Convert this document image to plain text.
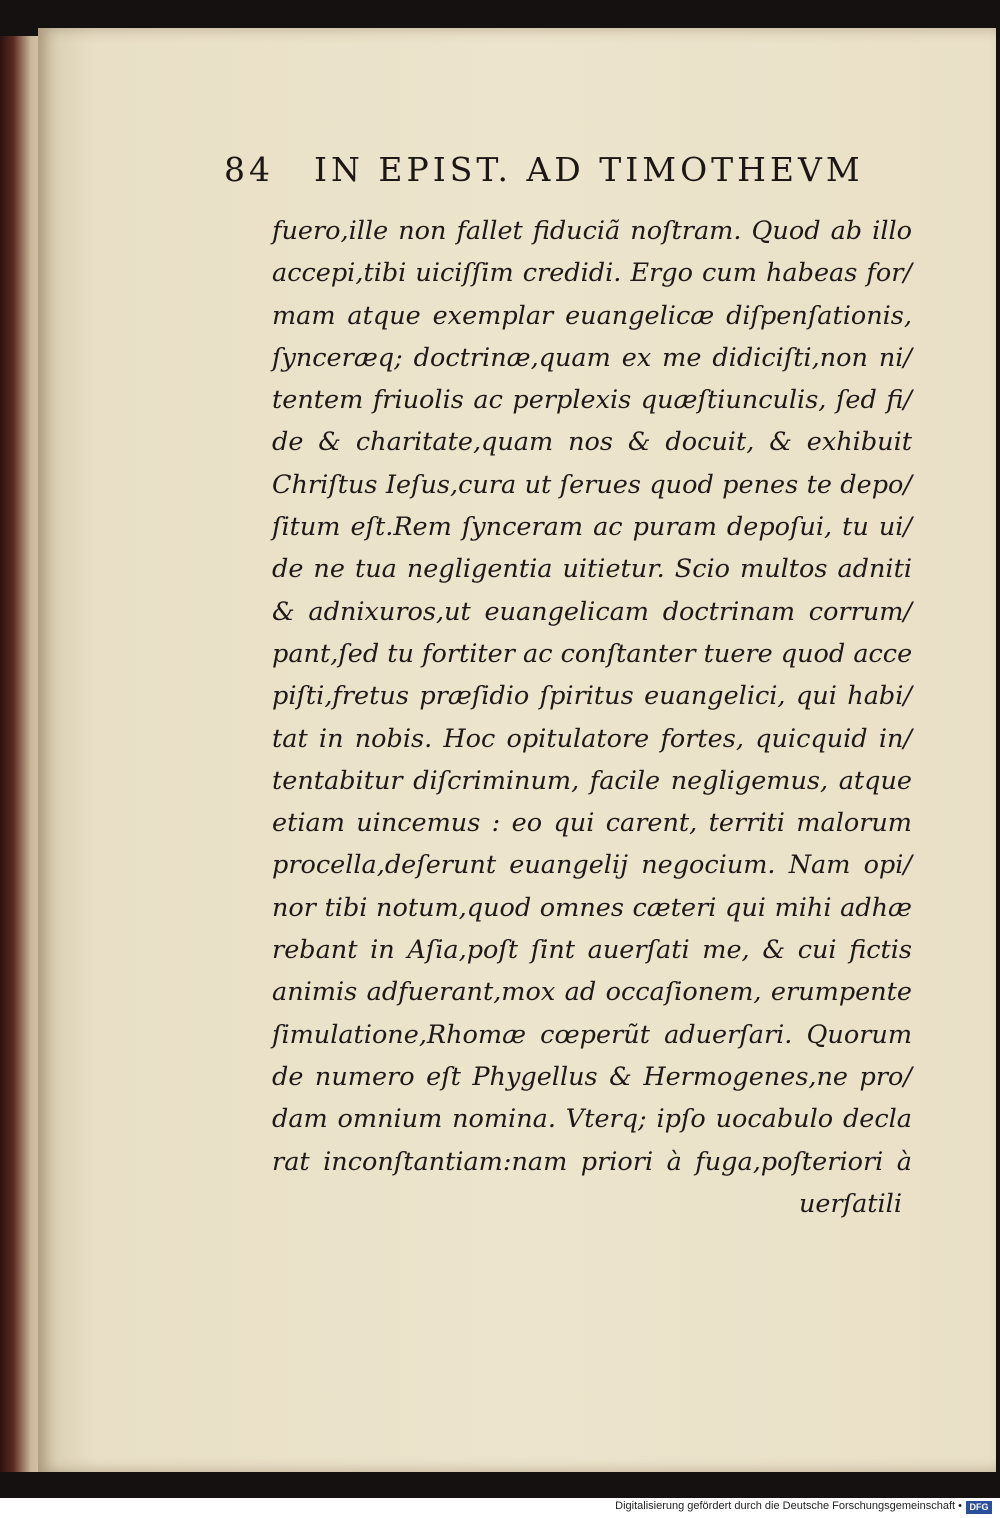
84 IN EPIST. AD TIMOTHEVM
fuero,ille non fallet fiduciã noſtram. Quod ab illo
accepi,tibi uiciſſim credidi. Ergo cum habeas for/
mam atque exemplar euangelicæ diſpenſationis,
ſynceræq; doctrinæ,quam ex me didiciſti,non ni/
tentem friuolis ac perplexis quæſtiunculis, ſed fi/
de & charitate,quam nos & docuit, & exhibuit
Chriſtus Ieſus,cura ut ſerues quod penes te depo/
ſitum eſt.Rem ſynceram ac puram depoſui, tu ui/
de ne tua negligentia uitietur. Scio multos adniti
& adnixuros,ut euangelicam doctrinam corrum/
pant,ſed tu fortiter ac conſtanter tuere quod acce
piſti,fretus præſidio ſpiritus euangelici, qui habi/
tat in nobis. Hoc opitulatore fortes, quicquid in/
tentabitur diſcriminum, facile negligemus, atque
etiam uincemus : eo qui carent, territi malorum
procella,deſerunt euangelij negocium. Nam opi/
nor tibi notum,quod omnes cæteri qui mihi adhæ
rebant in Aſia,poſt ſint auerſati me, & cui fictis
animis adfuerant,mox ad occaſionem, erumpente
ſimulatione,Rhomæ cœperũt aduerſari. Quorum
de numero eſt Phygellus & Hermogenes,ne pro/
dam omnium nomina. Vterq; ipſo uocabulo decla
rat inconſtantiam:nam priori à fuga,poſteriori à
uerſatili
Digitalisierung gefördert durch die Deutsche Forschungsgemeinschaft • DFG
